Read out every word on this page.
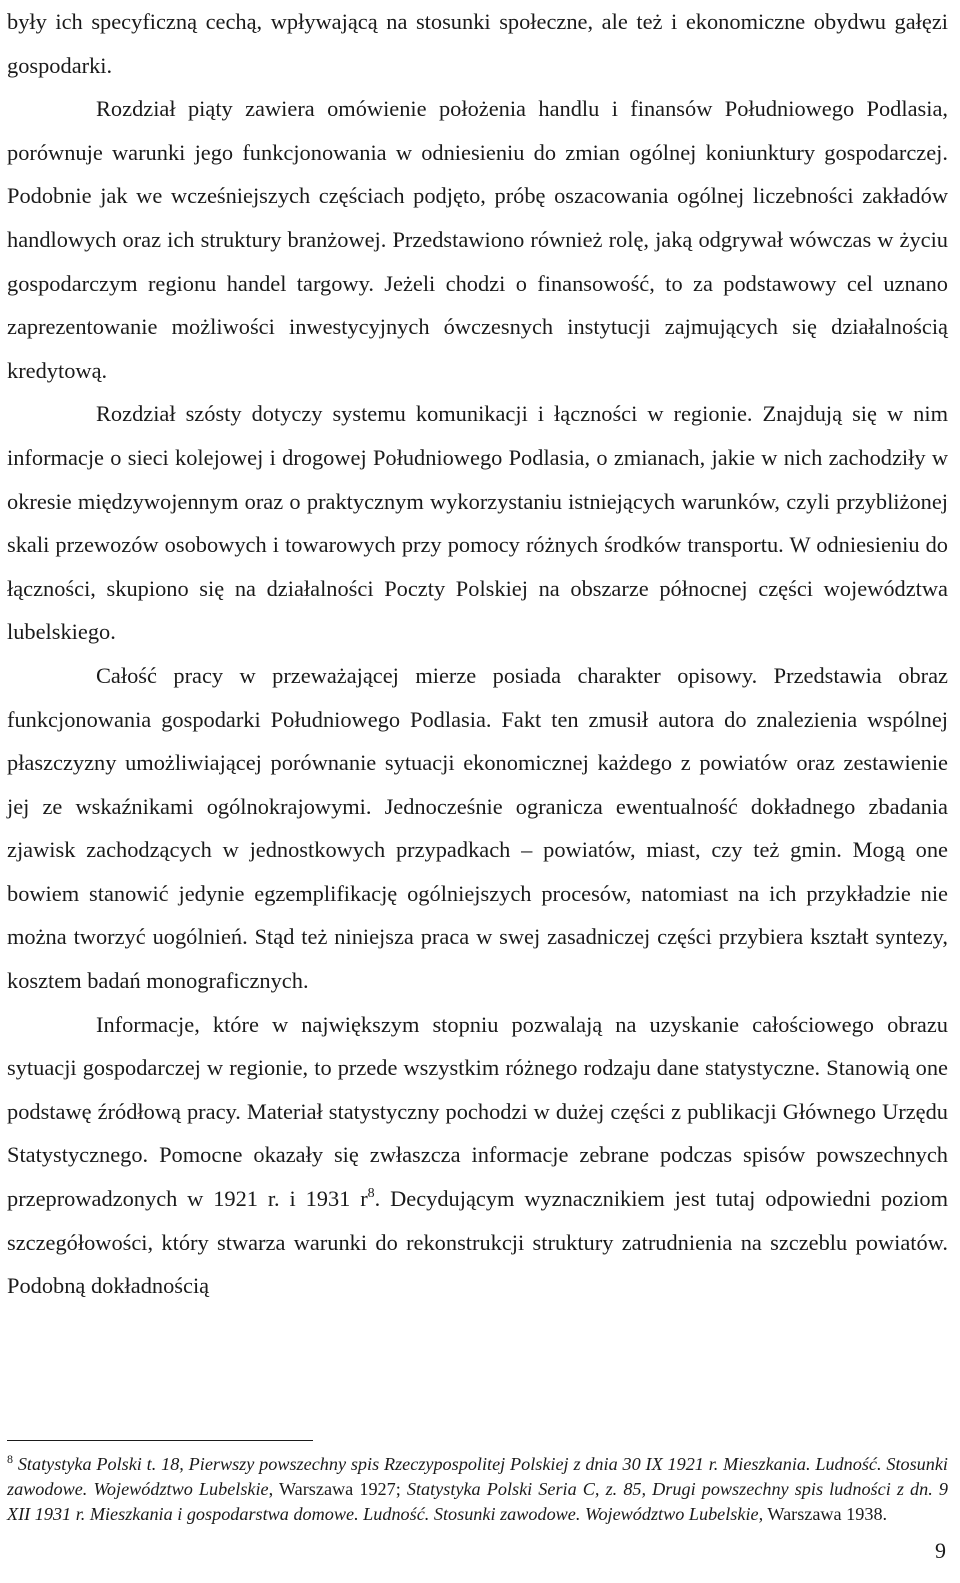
były ich specyficzną cechą, wpływającą na stosunki społeczne, ale też i ekonomiczne obydwu gałęzi gospodarki.

Rozdział piąty zawiera omówienie położenia handlu i finansów Południowego Podlasia, porównuje warunki jego funkcjonowania w odniesieniu do zmian ogólnej koniunktury gospodarczej. Podobnie jak we wcześniejszych częściach podjęto, próbę oszacowania ogólnej liczebności zakładów handlowych oraz ich struktury branżowej. Przedstawiono również rolę, jaką odgrywał wówczas w życiu gospodarczym regionu handel targowy. Jeżeli chodzi o finansowość, to za podstawowy cel uznano zaprezentowanie możliwości inwestycyjnych ówczesnych instytucji zajmujących się działalnością kredytową.

Rozdział szósty dotyczy systemu komunikacji i łączności w regionie. Znajdują się w nim informacje o sieci kolejowej i drogowej Południowego Podlasia, o zmianach, jakie w nich zachodziły w okresie międzywojennym oraz o praktycznym wykorzystaniu istniejących warunków, czyli przybliżonej skali przewozów osobowych i towarowych przy pomocy różnych środków transportu. W odniesieniu do łączności, skupiono się na działalności Poczty Polskiej na obszarze północnej części województwa lubelskiego.

Całość pracy w przeważającej mierze posiada charakter opisowy. Przedstawia obraz funkcjonowania gospodarki Południowego Podlasia. Fakt ten zmusił autora do znalezienia wspólnej płaszczyzny umożliwiającej porównanie sytuacji ekonomicznej każdego z powiatów oraz zestawienie jej ze wskaźnikami ogólnokrajowymi. Jednocześnie ogranicza ewentualność dokładnego zbadania zjawisk zachodzących w jednostkowych przypadkach – powiatów, miast, czy też gmin. Mogą one bowiem stanowić jedynie egzemplifikację ogólniejszych procesów, natomiast na ich przykładzie nie można tworzyć uogólnień. Stąd też niniejsza praca w swej zasadniczej części przybiera kształt syntezy, kosztem badań monograficznych.

Informacje, które w największym stopniu pozwalają na uzyskanie całościowego obrazu sytuacji gospodarczej w regionie, to przede wszystkim różnego rodzaju dane statystyczne. Stanowią one podstawę źródłową pracy. Materiał statystyczny pochodzi w dużej części z publikacji Głównego Urzędu Statystycznego. Pomocne okazały się zwłaszcza informacje zebrane podczas spisów powszechnych przeprowadzonych w 1921 r. i 1931 r$^8$. Decydującym wyznacznikiem jest tutaj odpowiedni poziom szczegółowości, który stwarza warunki do rekonstrukcji struktury zatrudnienia na szczeblu powiatów. Podobną dokładnością

$^8$ Statystyka Polski t. 18, Pierwszy powszechny spis Rzeczypospolitej Polskiej z dnia 30 IX 1921 r. Mieszkania. Ludność. Stosunki zawodowe. Województwo Lubelskie, Warszawa 1927; Statystyka Polski Seria C, z. 85, Drugi powszechny spis ludności z dn. 9 XII 1931 r. Mieszkania i gospodarstwa domowe. Ludność. Stosunki zawodowe. Województwo Lubelskie, Warszawa 1938.

9
